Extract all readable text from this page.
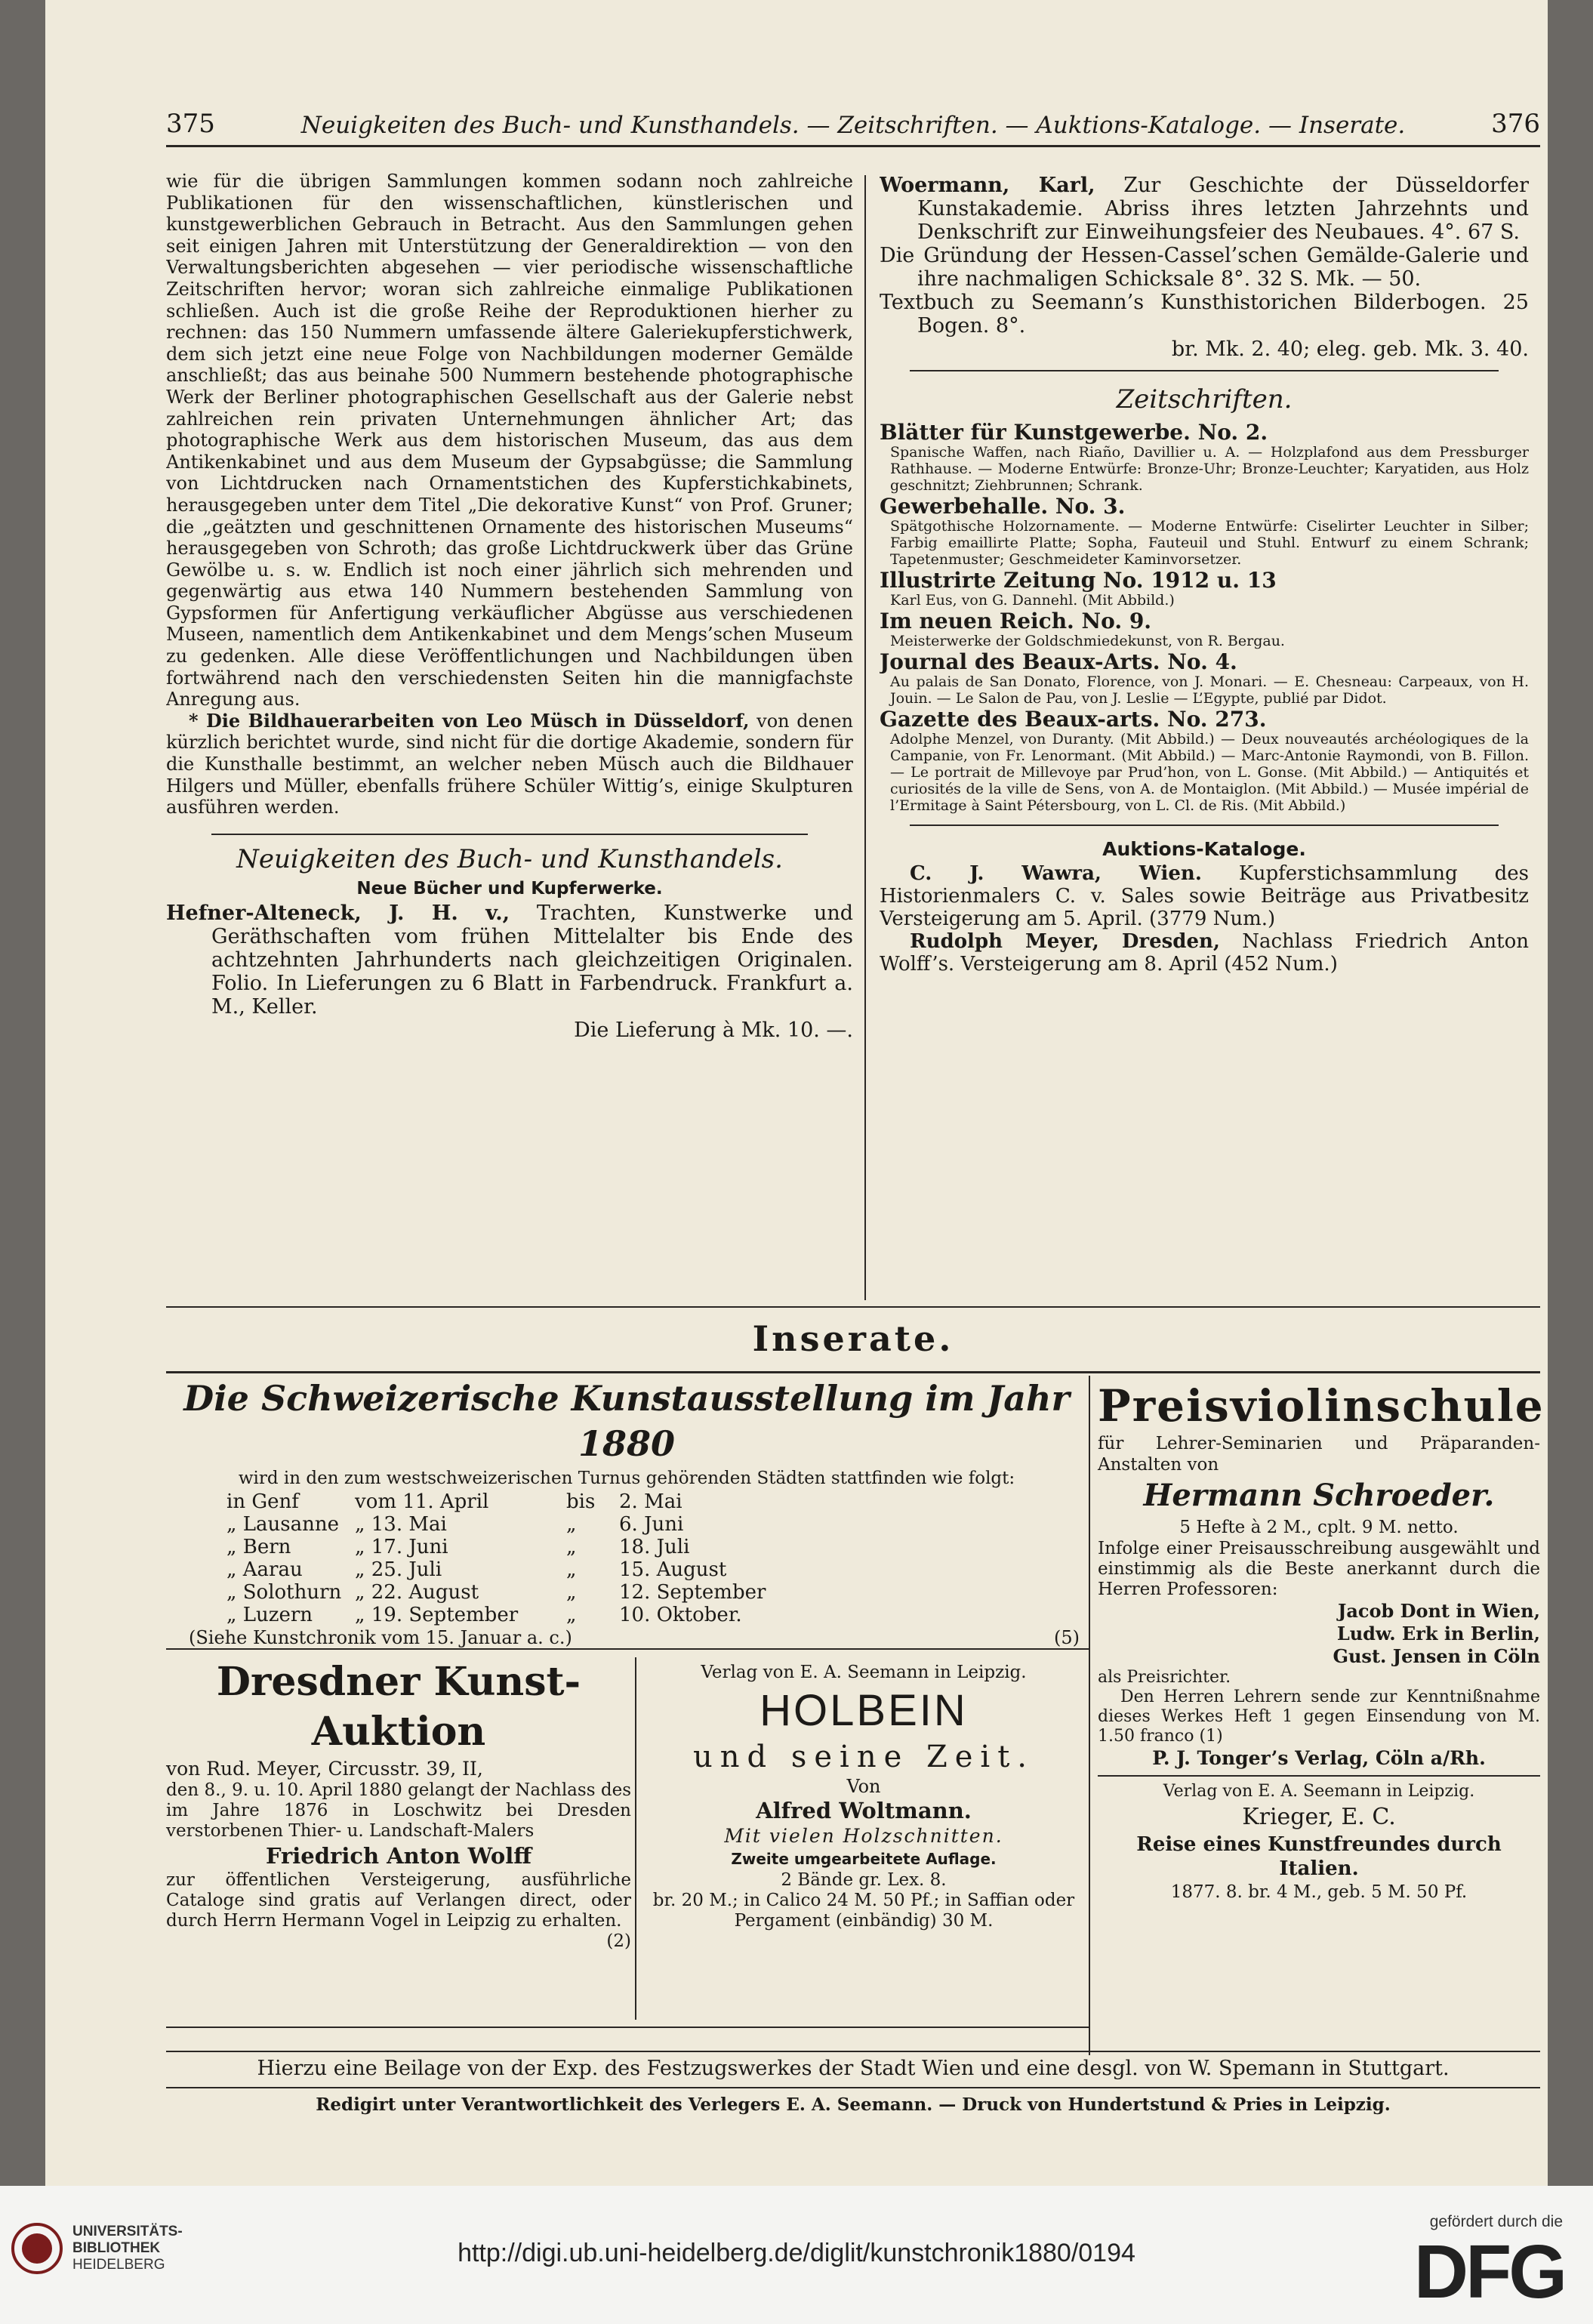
375	Neuigkeiten des Buch- und Kunsthandels. — Zeitschriften. — Auktions-Kataloge. — Inserate.	376

wie für die übrigen Sammlungen kommen sodann noch zahlreiche Publikationen für den wissenschaftlichen, künstlerischen und kunstgewerblichen Gebrauch in Betracht. Aus den Sammlungen gehen seit einigen Jahren mit Unterstützung der Generaldirektion — von den Verwaltungsberichten abgesehen — vier periodische wissenschaftliche Zeitschriften hervor; woran sich zahlreiche einmalige Publikationen schließen. Auch ist die große Reihe der Reproduktionen hierher zu rechnen: das 150 Nummern umfassende ältere Galeriekupferstichwerk, dem sich jetzt eine neue Folge von Nachbildungen moderner Gemälde anschließt; das aus beinahe 500 Nummern bestehende photographische Werk der Berliner photographischen Gesellschaft aus der Galerie nebst zahlreichen rein privaten Unternehmungen ähnlicher Art; das photographische Werk aus dem historischen Museum, das aus dem Antikenkabinet und aus dem Museum der Gypsabgüsse; die Sammlung von Lichtdrucken nach Ornamentstichen des Kupferstichkabinets, herausgegeben unter dem Titel „Die dekorative Kunst“ von Prof. Gruner; die „geätzten und geschnittenen Ornamente des historischen Museums“ herausgegeben von Schroth; das große Lichtdruckwerk über das Grüne Gewölbe u. s. w. Endlich ist noch einer jährlich sich mehrenden und gegenwärtig aus etwa 140 Nummern bestehenden Sammlung von Gypsformen für Anfertigung verkäuflicher Abgüsse aus verschiedenen Museen, namentlich dem Antikenkabinet und dem Mengs’schen Museum zu gedenken. Alle diese Veröffentlichungen und Nachbildungen üben fortwährend nach den verschiedensten Seiten hin die mannigfachste Anregung aus.

* Die Bildhauerarbeiten von Leo Müsch in Düsseldorf, von denen kürzlich berichtet wurde, sind nicht für die dortige Akademie, sondern für die Kunsthalle bestimmt, an welcher neben Müsch auch die Bildhauer Hilgers und Müller, ebenfalls frühere Schüler Wittig’s, einige Skulpturen ausführen werden.

Neuigkeiten des Buch- und Kunsthandels.
Neue Bücher und Kupferwerke.

Hefner-Alteneck, J. H. v., Trachten, Kunstwerke und Geräthschaften vom frühen Mittelalter bis Ende des achtzehnten Jahrhunderts nach gleichzeitigen Originalen. Folio. In Lieferungen zu 6 Blatt in Farbendruck. Frankfurt a. M., Keller.

Die Lieferung à Mk. 10. —.

Woermann, Karl, Zur Geschichte der Düsseldorfer Kunstakademie. Abriss ihres letzten Jahrzehnts und Denkschrift zur Einweihungsfeier des Neubaues. 4°. 67 S.

Die Gründung der Hessen-Cassel’schen Gemälde-Galerie und ihre nachmaligen Schicksale 8°. 32 S. Mk. — 50.

Textbuch zu Seemann’s Kunsthistorichen Bilderbogen. 25 Bogen. 8°.

br. Mk. 2. 40; eleg. geb. Mk. 3. 40.
Zeitschriften.
Blätter für Kunstgewerbe. No. 2.
Spanische Waffen, nach Riaño, Davillier u. A. — Holzplafond aus dem Pressburger Rathhause. — Moderne Entwürfe: Bronze-Uhr; Bronze-Leuchter; Karyatiden, aus Holz geschnitzt; Ziehbrunnen; Schrank.
Gewerbehalle. No. 3.
Spätgothische Holzornamente. — Moderne Entwürfe: Ciselirter Leuchter in Silber; Farbig emaillirte Platte; Sopha, Fauteuil und Stuhl. Entwurf zu einem Schrank; Tapetenmuster; Geschmeideter Kaminvorsetzer.
Illustrirte Zeitung No. 1912 u. 13
Karl Eus, von G. Dannehl. (Mit Abbild.)
Im neuen Reich. No. 9.
Meisterwerke der Goldschmiedekunst, von R. Bergau.
Journal des Beaux-Arts. No. 4.
Au palais de San Donato, Florence, von J. Monari. — E. Chesneau: Carpeaux, von H. Jouin. — Le Salon de Pau, von J. Leslie — L’Egypte, publié par Didot.
Gazette des Beaux-arts. No. 273.
Adolphe Menzel, von Duranty. (Mit Abbild.) — Deux nouveautés archéologiques de la Campanie, von Fr. Lenormant. (Mit Abbild.) — Marc-Antonie Raymondi, von B. Fillon. — Le portrait de Millevoye par Prud’hon, von L. Gonse. (Mit Abbild.) — Antiquités et curiosités de la ville de Sens, von A. de Montaiglon. (Mit Abbild.) — Musée impérial de l’Ermitage à Saint Pétersbourg, von L. Cl. de Ris. (Mit Abbild.)
Auktions-Kataloge.

C. J. Wawra, Wien. Kupferstichsammlung des Historienmalers C. v. Sales sowie Beiträge aus Privatbesitz Versteigerung am 5. April. (3779 Num.)

Rudolph Meyer, Dresden, Nachlass Friedrich Anton Wolff’s. Versteigerung am 8. April (452 Num.)

Inserate.
Die Schweizerische Kunstausstellung im Jahr 1880
wird in den zum westschweizerischen Turnus gehörenden Städten stattfinden wie folgt:
in Genf	vom 11. April	bis	2. Mai
„ Lausanne	„ 13. Mai	„	6. Juni
„ Bern	„ 17. Juni	„	18. Juli
„ Aarau	„ 25. Juli	„	15. August
„ Solothurn	„ 22. August	„	12. September
„ Luzern	„ 19. September	„	10. Oktober.
(Siehe Kunstchronik vom 15. Januar a. c.)	(5)
Preisviolinschule
für Lehrer-Seminarien und Präparanden-Anstalten von
Hermann Schroeder.
5 Hefte à 2 M., cplt. 9 M. netto.
Infolge einer Preisausschreibung ausgewählt und einstimmig als die Beste anerkannt durch die Herren Professoren:
Jacob Dont in Wien,
Ludw. Erk in Berlin,
Gust. Jensen in Cöln
als Preisrichter.
Den Herren Lehrern sende zur Kenntnißnahme dieses Werkes Heft 1 gegen Einsendung von M. 1.50 franco (1)
P. J. Tonger’s Verlag, Cöln a/Rh.
Verlag von E. A. Seemann in Leipzig.
Krieger, E. C.
Reise eines Kunstfreundes durch Italien.
1877. 8. br. 4 M., geb. 5 M. 50 Pf.
Dresdner Kunst-Auktion
von Rud. Meyer, Circusstr. 39, II,
den 8., 9. u. 10. April 1880 gelangt der Nachlass des im Jahre 1876 in Loschwitz bei Dresden verstorbenen Thier- u. Landschaft-Malers
Friedrich Anton Wolff
zur öffentlichen Versteigerung, ausführliche Cataloge sind gratis auf Verlangen direct, oder durch Herrn Hermann Vogel in Leipzig zu erhalten.
(2)
Verlag von E. A. Seemann in Leipzig.
HOLBEIN
und seine Zeit.
Von
Alfred Woltmann.
Mit vielen Holzschnitten.
Zweite umgearbeitete Auflage.
2 Bände gr. Lex. 8.
br. 20 M.; in Calico 24 M. 50 Pf.; in Saffian oder Pergament (einbändig) 30 M.
Hierzu eine Beilage von der Exp. des Festzugswerkes der Stadt Wien und eine desgl. von W. Spemann in Stuttgart.
Redigirt unter Verantwortlichkeit des Verlegers E. A. Seemann. — Druck von Hundertstund & Pries in Leipzig.
UNIVERSITÄTS-
BIBLIOTHEK
HEIDELBERG	http://digi.ub.uni-heidelberg.de/diglit/kunstchronik1880/0194
gefördert durch die
DFG
